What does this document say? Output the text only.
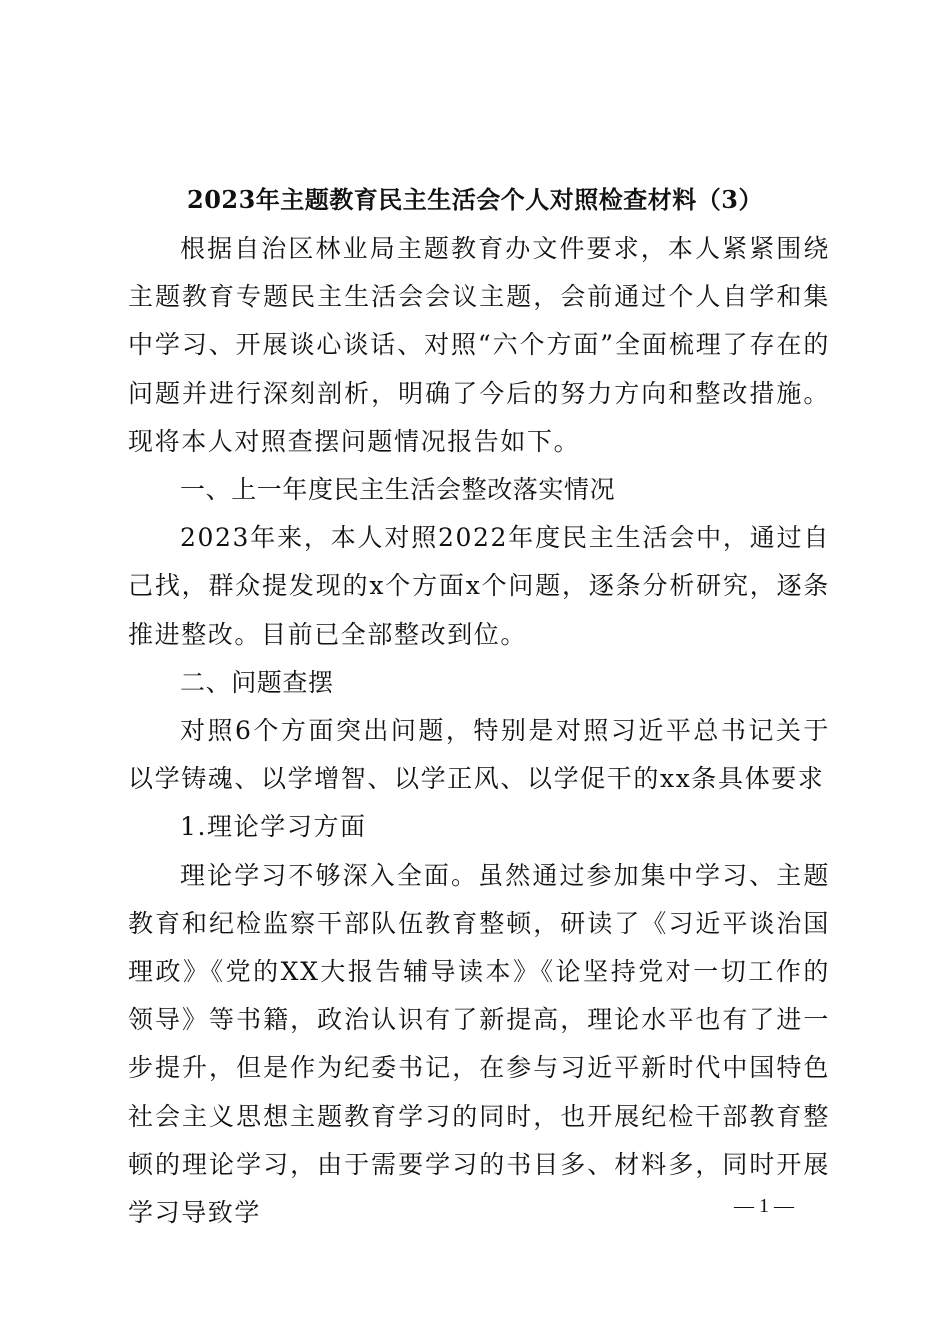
2023年主题教育民主生活会个人对照检查材料（3）

根据自治区林业局主题教育办文件要求，本人紧紧围绕主题教育专题民主生活会会议主题，会前通过个人自学和集中学习、开展谈心谈话、对照“六个方面”全面梳理了存在的问题并进行深刻剖析，明确了今后的努力方向和整改措施。现将本人对照查摆问题情况报告如下。

一、上一年度民主生活会整改落实情况

2023年来，本人对照2022年度民主生活会中，通过自己找，群众提发现的x个方面x个问题，逐条分析研究，逐条推进整改。目前已全部整改到位。

二、问题查摆

对照6个方面突出问题，特别是对照习近平总书记关于以学铸魂、以学增智、以学正风、以学促干的xx条具体要求

1.理论学习方面

理论学习不够深入全面。虽然通过参加集中学习、主题教育和纪检监察干部队伍教育整顿，研读了《习近平谈治国理政》《党的XX大报告辅导读本》《论坚持党对一切工作的领导》等书籍，政治认识有了新提高，理论水平也有了进一步提升，但是作为纪委书记，在参与习近平新时代中国特色社会主义思想主题教育学习的同时，也开展纪检干部教育整顿的理论学习，由于需要学习的书目多、材料多，同时开展学习导致学	— 1 —
